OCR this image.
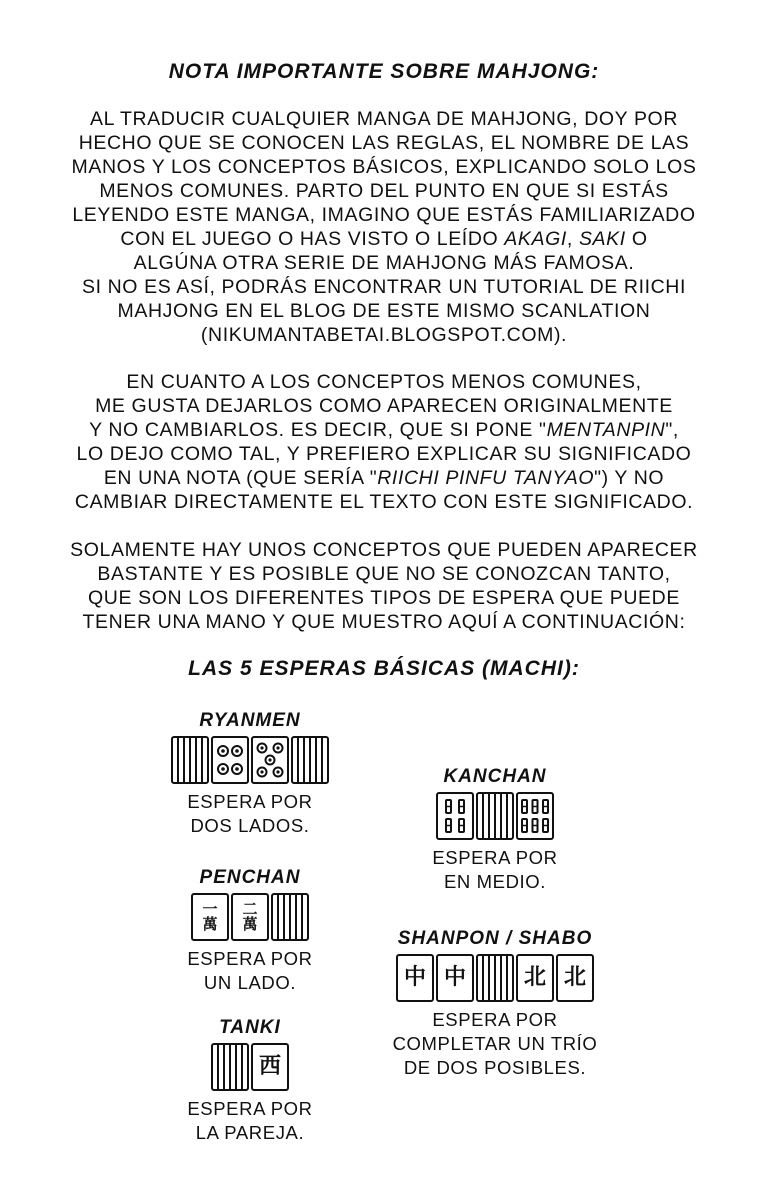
NOTA IMPORTANTE SOBRE MAHJONG:
AL TRADUCIR CUALQUIER MANGA DE MAHJONG, DOY POR
HECHO QUE SE CONOCEN LAS REGLAS, EL NOMBRE DE LAS
MANOS Y LOS CONCEPTOS BÁSICOS, EXPLICANDO SOLO LOS
MENOS COMUNES. PARTO DEL PUNTO EN QUE SI ESTÁS
LEYENDO ESTE MANGA, IMAGINO QUE ESTÁS FAMILIARIZADO
CON EL JUEGO O HAS VISTO O LEÍDO AKAGI, SAKI O
ALGÚNA OTRA SERIE DE MAHJONG MÁS FAMOSA.
SI NO ES ASÍ, PODRÁS ENCONTRAR UN TUTORIAL DE RIICHI
MAHJONG EN EL BLOG DE ESTE MISMO SCANLATION
(NIKUMANTABETAI.BLOGSPOT.COM).
EN CUANTO A LOS CONCEPTOS MENOS COMUNES,
ME GUSTA DEJARLOS COMO APARECEN ORIGINALMENTE
Y NO CAMBIARLOS. ES DECIR, QUE SI PONE "MENTANPIN",
LO DEJO COMO TAL, Y PREFIERO EXPLICAR SU SIGNIFICADO
EN UNA NOTA (QUE SERÍA "RIICHI PINFU TANYAO") Y NO
CAMBIAR DIRECTAMENTE EL TEXTO CON ESTE SIGNIFICADO.
SOLAMENTE HAY UNOS CONCEPTOS QUE PUEDEN APARECER
BASTANTE Y ES POSIBLE QUE NO SE CONOZCAN TANTO,
QUE SON LOS DIFERENTES TIPOS DE ESPERA QUE PUEDE
TENER UNA MANO Y QUE MUESTRO AQUÍ A CONTINUACIÓN:
LAS 5 ESPERAS BÁSICAS (MACHI):
RYANMEN
ESPERA POR
DOS LADOS.
PENCHAN
一
萬
二
萬
ESPERA POR
UN LADO.
TANKI
西
ESPERA POR
LA PAREJA.
KANCHAN
ESPERA POR
EN MEDIO.
SHANPON / SHABO
中 中	北 北
ESPERA POR
COMPLETAR UN TRÍO
DE DOS POSIBLES.
